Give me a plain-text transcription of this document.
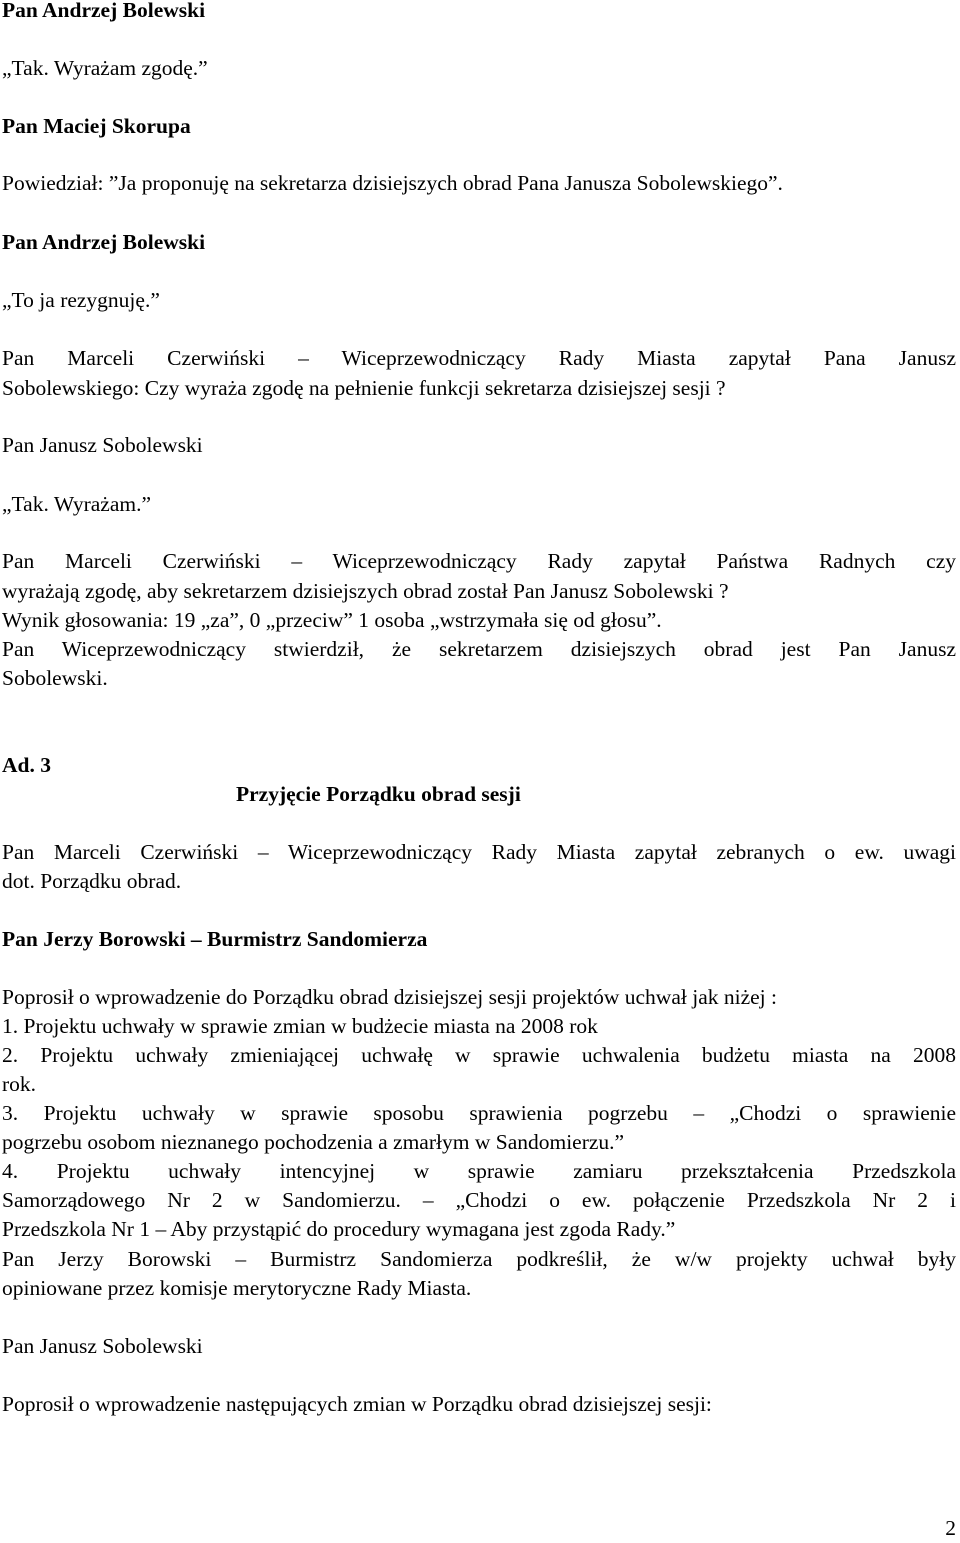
Pan Andrzej Bolewski

„Tak. Wyrażam zgodę.”

Pan Maciej Skorupa

Powiedział: ”Ja proponuję na sekretarza dzisiejszych obrad Pana Janusza Sobolewskiego”.

Pan Andrzej Bolewski

„To ja rezygnuję.”

Pan Marceli Czerwiński – Wiceprzewodniczący Rady Miasta zapytał Pana Janusz

Sobolewskiego: Czy wyraża zgodę na pełnienie funkcji sekretarza dzisiejszej sesji ?

Pan Janusz Sobolewski

„Tak. Wyrażam.”

Pan Marceli Czerwiński – Wiceprzewodniczący Rady zapytał Państwa Radnych czy

wyrażają zgodę, aby sekretarzem dzisiejszych obrad został Pan Janusz Sobolewski ?

Wynik głosowania: 19 „za”, 0 „przeciw” 1 osoba „wstrzymała się od głosu”.

Pan Wiceprzewodniczący stwierdził, że sekretarzem dzisiejszych obrad jest Pan Janusz

Sobolewski.

Ad. 3

Przyjęcie Porządku obrad sesji

Pan Marceli Czerwiński – Wiceprzewodniczący Rady Miasta zapytał zebranych o ew. uwagi

dot. Porządku obrad.

Pan Jerzy Borowski – Burmistrz Sandomierza

Poprosił o wprowadzenie do Porządku obrad dzisiejszej sesji projektów uchwał jak niżej :

1. Projektu uchwały w sprawie zmian w budżecie miasta na 2008 rok

2. Projektu uchwały zmieniającej uchwałę w sprawie uchwalenia budżetu miasta na 2008

rok.

3. Projektu uchwały w sprawie sposobu sprawienia pogrzebu – „Chodzi o sprawienie

pogrzebu osobom nieznanego pochodzenia a zmarłym w Sandomierzu.”

4. Projektu uchwały intencyjnej w sprawie zamiaru przekształcenia Przedszkola

Samorządowego Nr 2 w Sandomierzu. – „Chodzi o ew. połączenie Przedszkola Nr 2 i

Przedszkola Nr 1 – Aby przystąpić do procedury wymagana jest zgoda Rady.”

Pan Jerzy Borowski – Burmistrz Sandomierza podkreślił, że w/w projekty uchwał były

opiniowane przez komisje merytoryczne Rady Miasta.

Pan Janusz Sobolewski

Poprosił o wprowadzenie następujących zmian w Porządku obrad dzisiejszej sesji:

2
